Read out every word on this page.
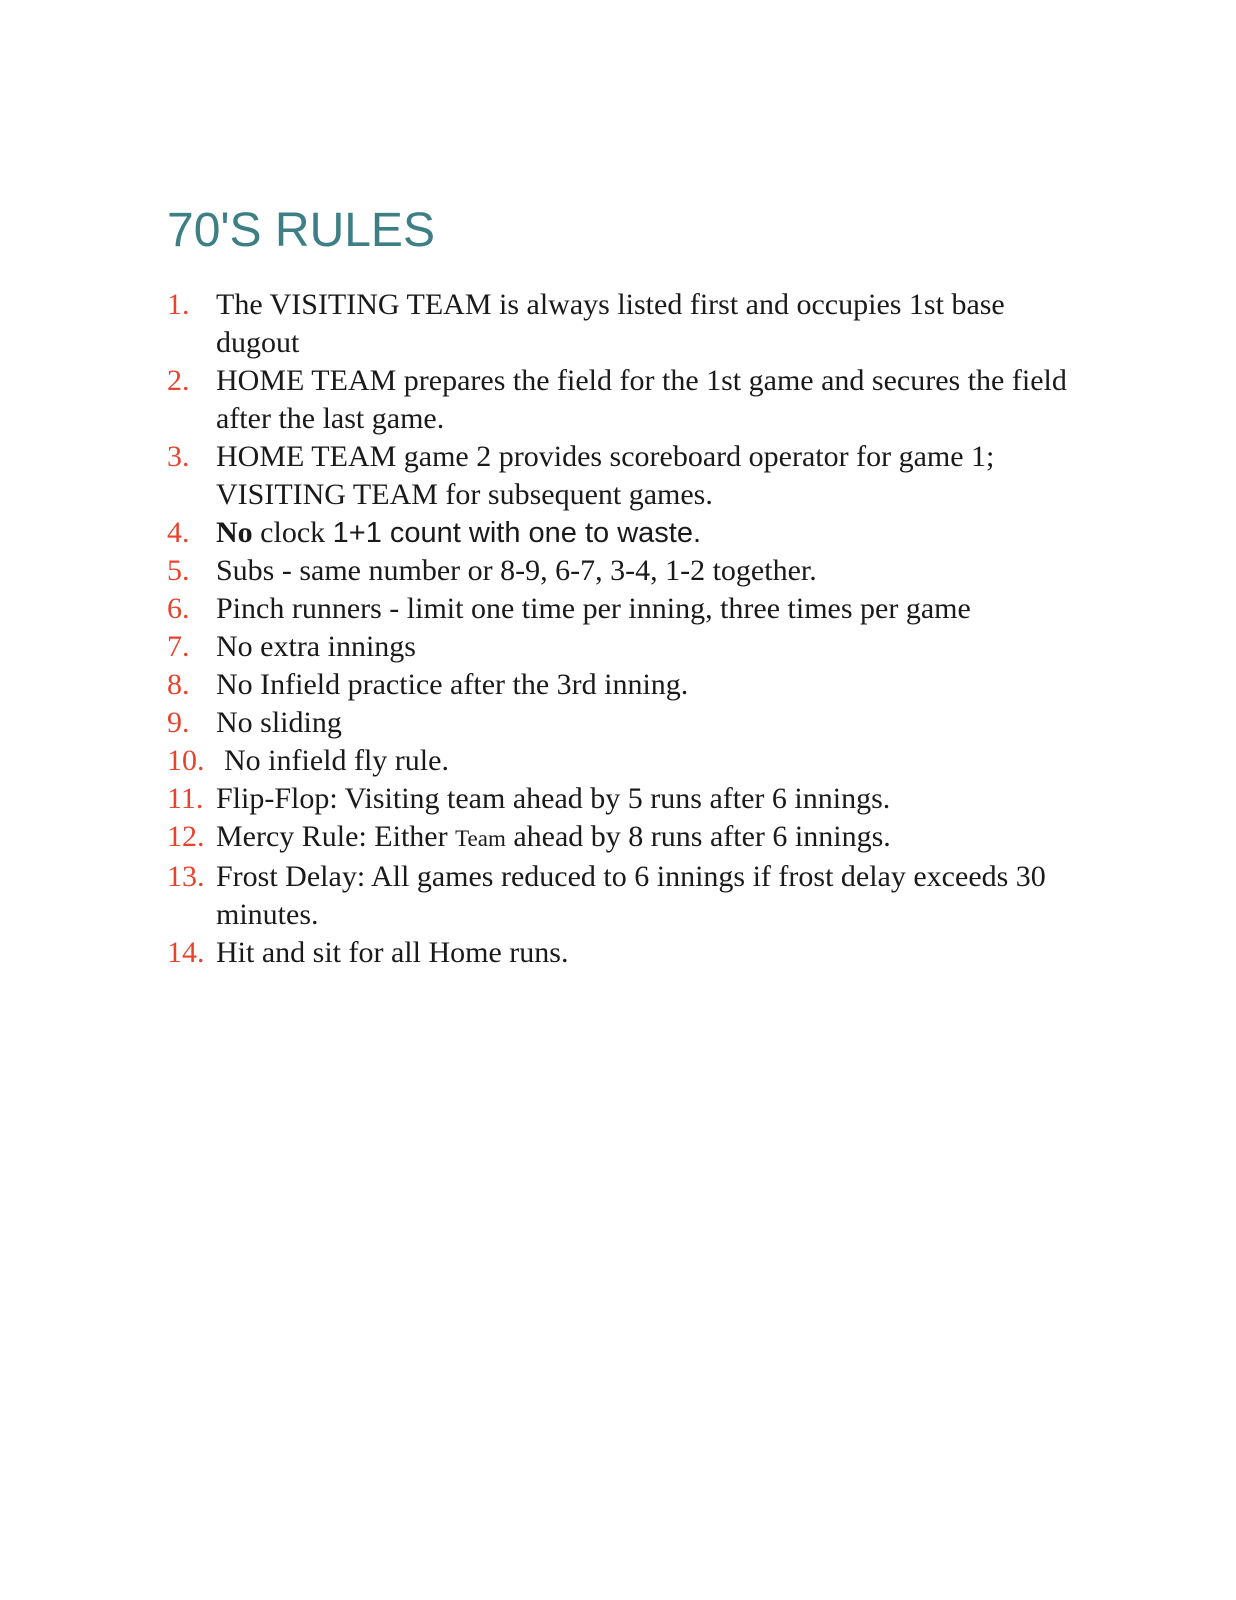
70'S RULES
1. The VISITING TEAM is always listed first and occupies 1st base dugout
2. HOME TEAM prepares the field for the 1st game and secures the field after the last game.
3. HOME TEAM game 2 provides scoreboard operator for game 1; VISITING TEAM for subsequent games.
4. No clock 1+1 count with one to waste.
5. Subs - same number or 8-9, 6-7, 3-4, 1-2 together.
6. Pinch runners - limit one time per inning, three times per game
7. No extra innings
8. No Infield practice after the 3rd inning.
9. No sliding
10. No infield fly rule.
11. Flip-Flop: Visiting team ahead by 5 runs after 6 innings.
12. Mercy Rule: Either Team ahead by 8 runs after 6 innings.
13. Frost Delay: All games reduced to 6 innings if frost delay exceeds 30 minutes.
14. Hit and sit for all Home runs.
